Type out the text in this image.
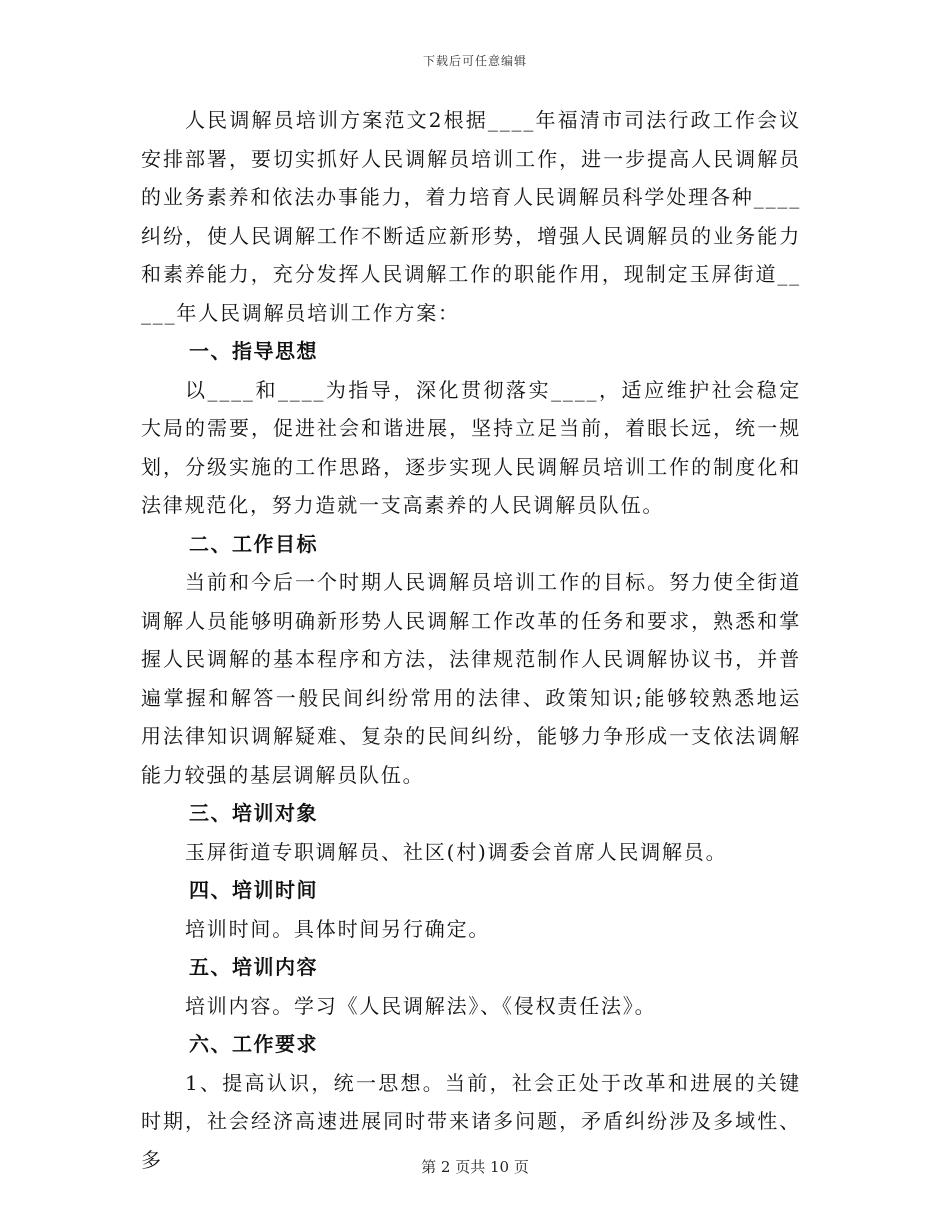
下载后可任意编辑

人民调解员培训方案范文2根据____年福清市司法行政工作会议安排部署，要切实抓好人民调解员培训工作，进一步提高人民调解员的业务素养和依法办事能力，着力培育人民调解员科学处理各种____纠纷，使人民调解工作不断适应新形势，增强人民调解员的业务能力和素养能力，充分发挥人民调解工作的职能作用，现制定玉屏街道_____年人民调解员培训工作方案：

一、指导思想

以____和____为指导，深化贯彻落实____，适应维护社会稳定大局的需要，促进社会和谐进展，坚持立足当前，着眼长远，统一规划，分级实施的工作思路，逐步实现人民调解员培训工作的制度化和法律规范化，努力造就一支高素养的人民调解员队伍。

二、工作目标

当前和今后一个时期人民调解员培训工作的目标。努力使全街道调解人员能够明确新形势人民调解工作改革的任务和要求，熟悉和掌握人民调解的基本程序和方法，法律规范制作人民调解协议书，并普遍掌握和解答一般民间纠纷常用的法律、政策知识;能够较熟悉地运用法律知识调解疑难、复杂的民间纠纷，能够力争形成一支依法调解能力较强的基层调解员队伍。

三、培训对象

玉屏街道专职调解员、社区(村)调委会首席人民调解员。

四、培训时间

培训时间。具体时间另行确定。

五、培训内容

培训内容。学习《人民调解法》、《侵权责任法》。

六、工作要求

1、提高认识，统一思想。当前，社会正处于改革和进展的关键时期，社会经济高速进展同时带来诸多问题，矛盾纠纷涉及多域性、多	第 2 页共 10 页
